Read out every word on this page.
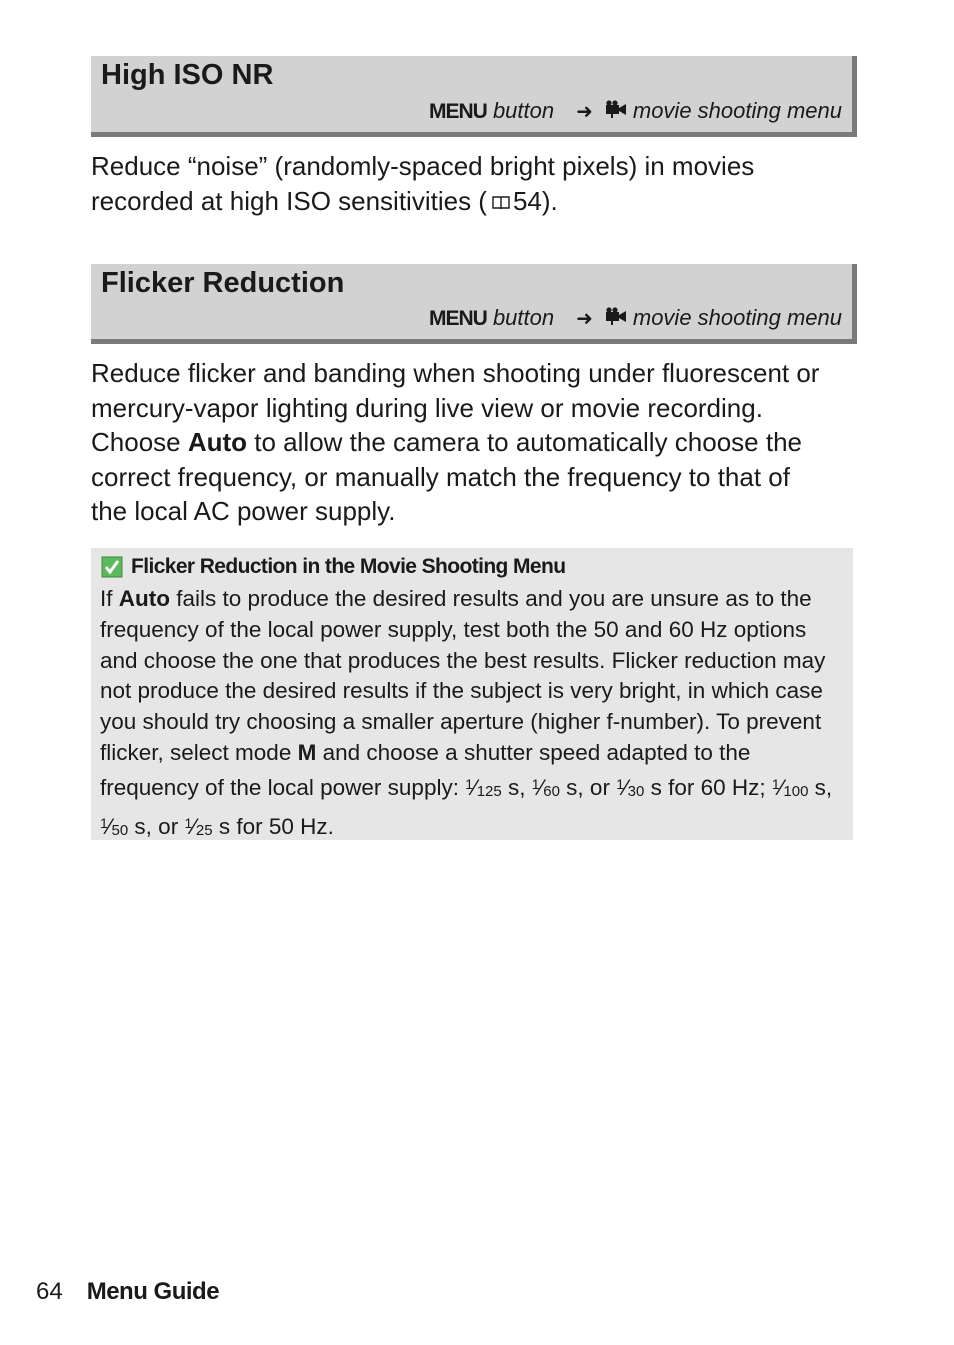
High ISO NR
MENU
button ➜ movie shooting menu
Reduce “noise” (randomly-spaced bright pixels) in movies
recorded at high ISO sensitivities ( 54).
Flicker Reduction
MENU
button ➜ movie shooting menu
Reduce flicker and banding when shooting under fluorescent or
mercury-vapor lighting during live view or movie recording.
Choose Auto to allow the camera to automatically choose the
correct frequency, or manually match the frequency to that of
the local AC power supply.
Flicker Reduction in the Movie Shooting Menu
If Auto fails to produce the desired results and you are unsure as to the frequency of the local power supply, test both the 50 and 60 Hz options and choose the one that produces the best results. Flicker reduction may not produce the desired results if the subject is very bright, in which case you should try choosing a smaller aperture (higher f-number). To prevent flicker, select mode M and choose a shutter speed adapted to the frequency of the local power supply: $^1⁄_{125}$ s, $^1⁄_{60}$ s, or $^1⁄_{30}$ s for 60 Hz; $^1⁄_{100}$ s, $^1⁄_{50}$ s, or $^1⁄_{25}$ s for 50 Hz.
64 Menu Guide
